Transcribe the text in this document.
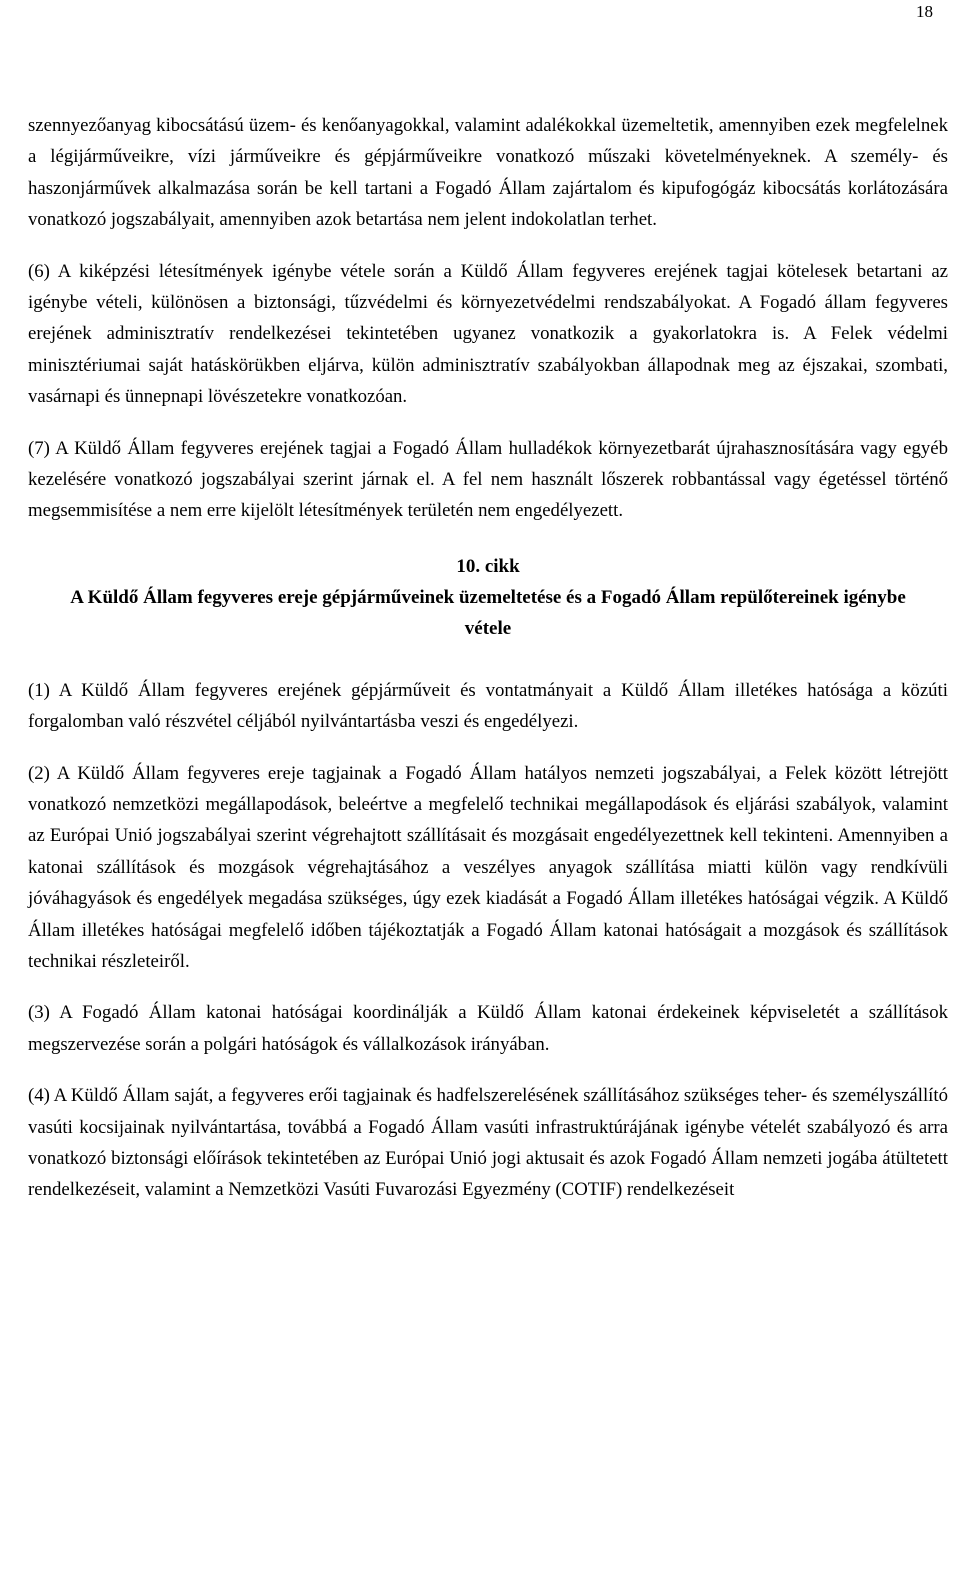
18

szennyezőanyag kibocsátású üzem- és kenőanyagokkal, valamint adalékokkal üzemeltetik, amennyiben ezek megfelelnek a légijárműveikre, vízi járműveikre és gépjárműveikre vonatkozó műszaki követelményeknek. A személy- és haszonjárművek alkalmazása során be kell tartani a Fogadó Állam zajártalom és kipufogógáz kibocsátás korlátozására vonatkozó jogszabályait, amennyiben azok betartása nem jelent indokolatlan terhet.

(6) A kiképzési létesítmények igénybe vétele során a Küldő Állam fegyveres erejének tagjai kötelesek betartani az igénybe vételi, különösen a biztonsági, tűzvédelmi és környezetvédelmi rendszabályokat. A Fogadó állam fegyveres erejének adminisztratív rendelkezései tekintetében ugyanez vonatkozik a gyakorlatokra is. A Felek védelmi minisztériumai saját hatáskörükben eljárva, külön adminisztratív szabályokban állapodnak meg az éjszakai, szombati, vasárnapi és ünnepnapi lövészetekre vonatkozóan.

(7) A Küldő Állam fegyveres erejének tagjai a Fogadó Állam hulladékok környezetbarát újrahasznosítására vagy egyéb kezelésére vonatkozó jogszabályai szerint járnak el. A fel nem használt lőszerek robbantással vagy égetéssel történő megsemmisítése a nem erre kijelölt létesítmények területén nem engedélyezett.

10. cikk

A Küldő Állam fegyveres ereje gépjárműveinek üzemeltetése és a Fogadó Állam repülőtereinek igénybe vétele

(1) A Küldő Állam fegyveres erejének gépjárműveit és vontatmányait a Küldő Állam illetékes hatósága a közúti forgalomban való részvétel céljából nyilvántartásba veszi és engedélyezi.

(2) A Küldő Állam fegyveres ereje tagjainak a Fogadó Állam hatályos nemzeti jogszabályai, a Felek között létrejött vonatkozó nemzetközi megállapodások, beleértve a megfelelő technikai megállapodások és eljárási szabályok, valamint az Európai Unió jogszabályai szerint végrehajtott szállításait és mozgásait engedélyezettnek kell tekinteni. Amennyiben a katonai szállítások és mozgások végrehajtásához a veszélyes anyagok szállítása miatti külön vagy rendkívüli jóváhagyások és engedélyek megadása szükséges, úgy ezek kiadását a Fogadó Állam illetékes hatóságai végzik. A Küldő Állam illetékes hatóságai megfelelő időben tájékoztatják a Fogadó Állam katonai hatóságait a mozgások és szállítások technikai részleteiről.

(3) A Fogadó Állam katonai hatóságai koordinálják a Küldő Állam katonai érdekeinek képviseletét a szállítások megszervezése során a polgári hatóságok és vállalkozások irányában.

(4) A Küldő Állam saját, a fegyveres erői tagjainak és hadfelszerelésének szállításához szükséges teher- és személyszállító vasúti kocsijainak nyilvántartása, továbbá a Fogadó Állam vasúti infrastruktúrájának igénybe vételét szabályozó és arra vonatkozó biztonsági előírások tekintetében az Európai Unió jogi aktusait és azok Fogadó Állam nemzeti jogába átültetett rendelkezéseit, valamint a Nemzetközi Vasúti Fuvarozási Egyezmény (COTIF) rendelkezéseit
